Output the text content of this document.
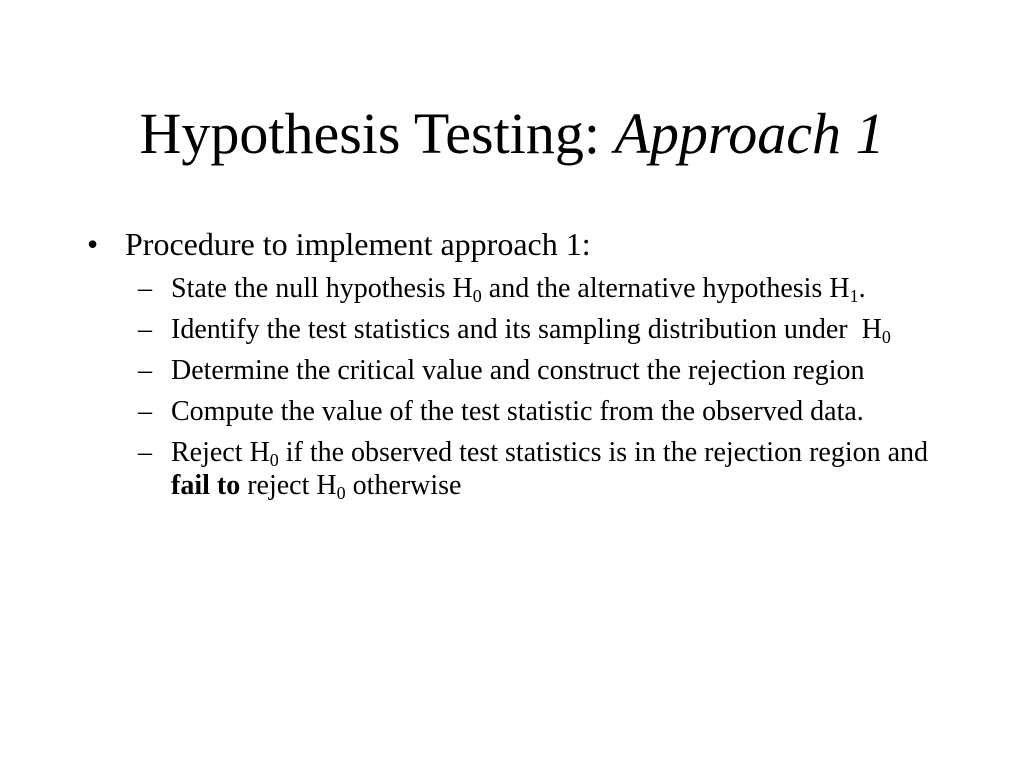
Hypothesis Testing: Approach 1
• Procedure to implement approach 1:
– State the null hypothesis $H_0$ and the alternative hypothesis $H_1$.
– Identify the test statistics and its sampling distribution under  $H_0$
– Determine the critical value and construct the rejection region
– Compute the value of the test statistic from the observed data.
– Reject $H_0$ if the observed test statistics is in the rejection region and fail to reject $H_0$ otherwise
